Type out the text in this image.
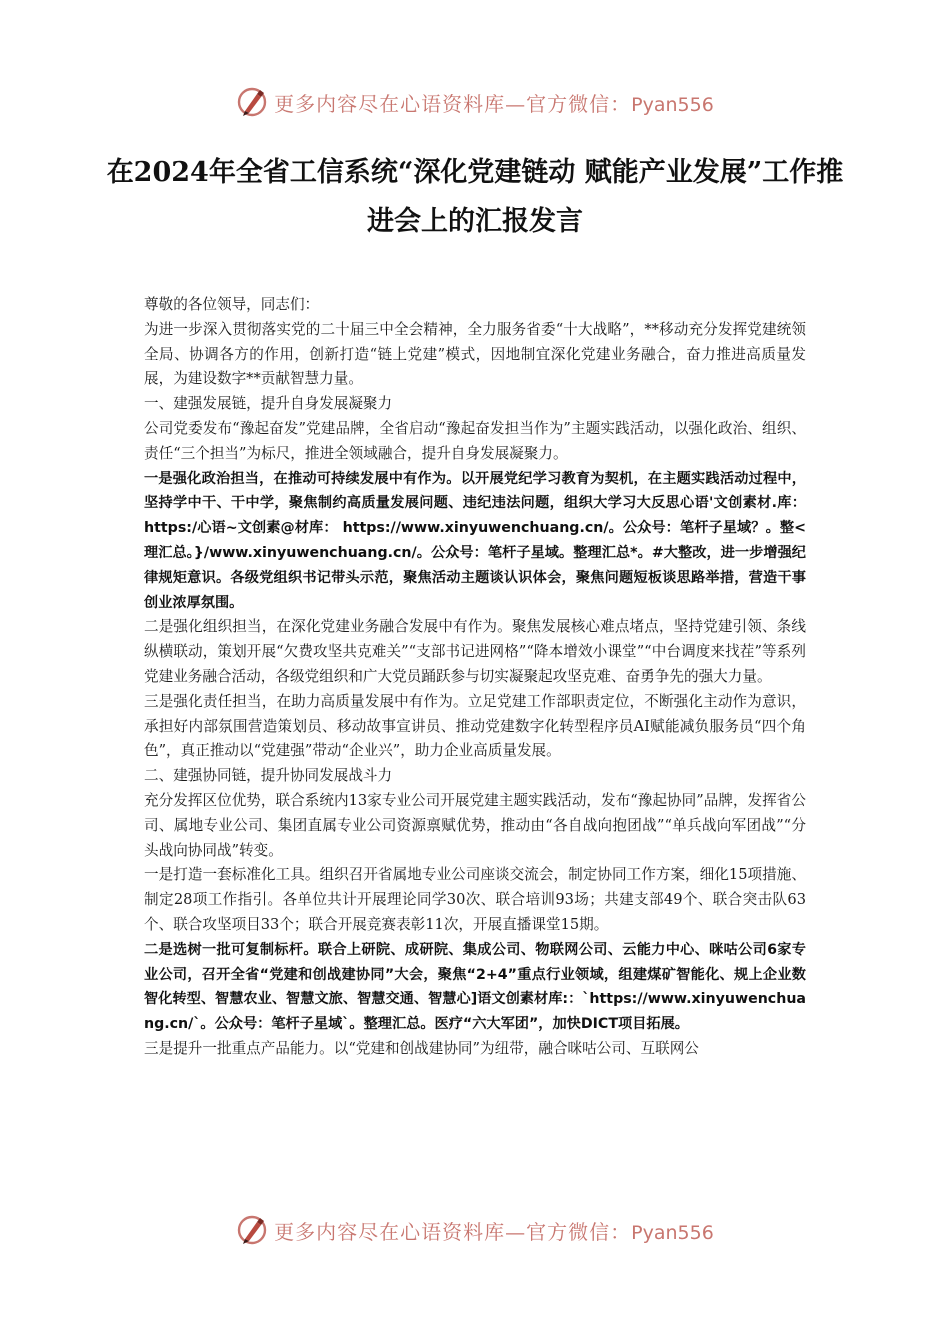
更多内容尽在心语资料库—官方微信：Pyan556
在2024年全省工信系统“深化党建链动 赋能产业发展”工作推进会上的汇报发言

尊敬的各位领导，同志们：

为进一步深入贯彻落实党的二十届三中全会精神，全力服务省委“十大战略”，**移动充分发挥党建统领全局、协调各方的作用，创新打造“链上党建”模式，因地制宜深化党建业务融合，奋力推进高质量发展，为建设数字**贡献智慧力量。

一、建强发展链，提升自身发展凝聚力

公司党委发布“豫起奋发”党建品牌，全省启动“豫起奋发担当作为”主题实践活动，以强化政治、组织、责任“三个担当”为标尺，推进全领域融合，提升自身发展凝聚力。

一是强化政治担当，在推动可持续发展中有作为。以开展党纪学习教育为契机，在主题实践活动过程中，坚持学中干、干中学，聚焦制约高质量发展问题、违纪违法问题，组织大学习大反思心语'文创素材.库： https:/心语~文创素@材库： https://www.xinyuwenchuang.cn/。公众号：笔杆子星域？。整<理汇总。}/www.xinyuwenchuang.cn/。公众号：笔杆子星域。整理汇总*。#大整改，进一步增强纪律规矩意识。各级党组织书记带头示范，聚焦活动主题谈认识体会，聚焦问题短板谈思路举措，营造干事创业浓厚氛围。

二是强化组织担当，在深化党建业务融合发展中有作为。聚焦发展核心难点堵点，坚持党建引领、条线纵横联动，策划开展“欠费攻坚共克难关”“支部书记进网格”“降本增效小课堂”“中台调度来找茬”等系列党建业务融合活动，各级党组织和广大党员踊跃参与切实凝聚起攻坚克难、奋勇争先的强大力量。

三是强化责任担当，在助力高质量发展中有作为。立足党建工作部职责定位，不断强化主动作为意识，承担好内部氛围营造策划员、移动故事宣讲员、推动党建数字化转型程序员AI赋能减负服务员“四个角色”，真正推动以“党建强”带动“企业兴”，助力企业高质量发展。

二、建强协同链，提升协同发展战斗力

充分发挥区位优势，联合系统内13家专业公司开展党建主题实践活动，发布“豫起协同”品牌，发挥省公司、属地专业公司、集团直属专业公司资源禀赋优势，推动由“各自战向抱团战”“单兵战向军团战”“分头战向协同战”转变。

一是打造一套标准化工具。组织召开省属地专业公司座谈交流会，制定协同工作方案，细化15项措施、制定28项工作指引。各单位共计开展理论同学30次、联合培训93场；共建支部49个、联合突击队63个、联合攻坚项目33个；联合开展竞赛表彰11次，开展直播课堂15期。

二是选树一批可复制标杆。联合上研院、成研院、集成公司、物联网公司、云能力中心、咪咕公司6家专业公司，召开全省“党建和创战建协同”大会，聚焦“2+4”重点行业领域，组建煤矿智能化、规上企业数智化转型、智慧农业、智慧文旅、智慧交通、智慧心]语文创素材库:：`https://www.xinyuwenchuang.cn/`。公众号：笔杆子星域`。整理汇总。医疗“六大军团”，加快DICT项目拓展。

三是提升一批重点产品能力。以“党建和创战建协同”为纽带，融合咪咕公司、互联网公

更多内容尽在心语资料库—官方微信：Pyan556
